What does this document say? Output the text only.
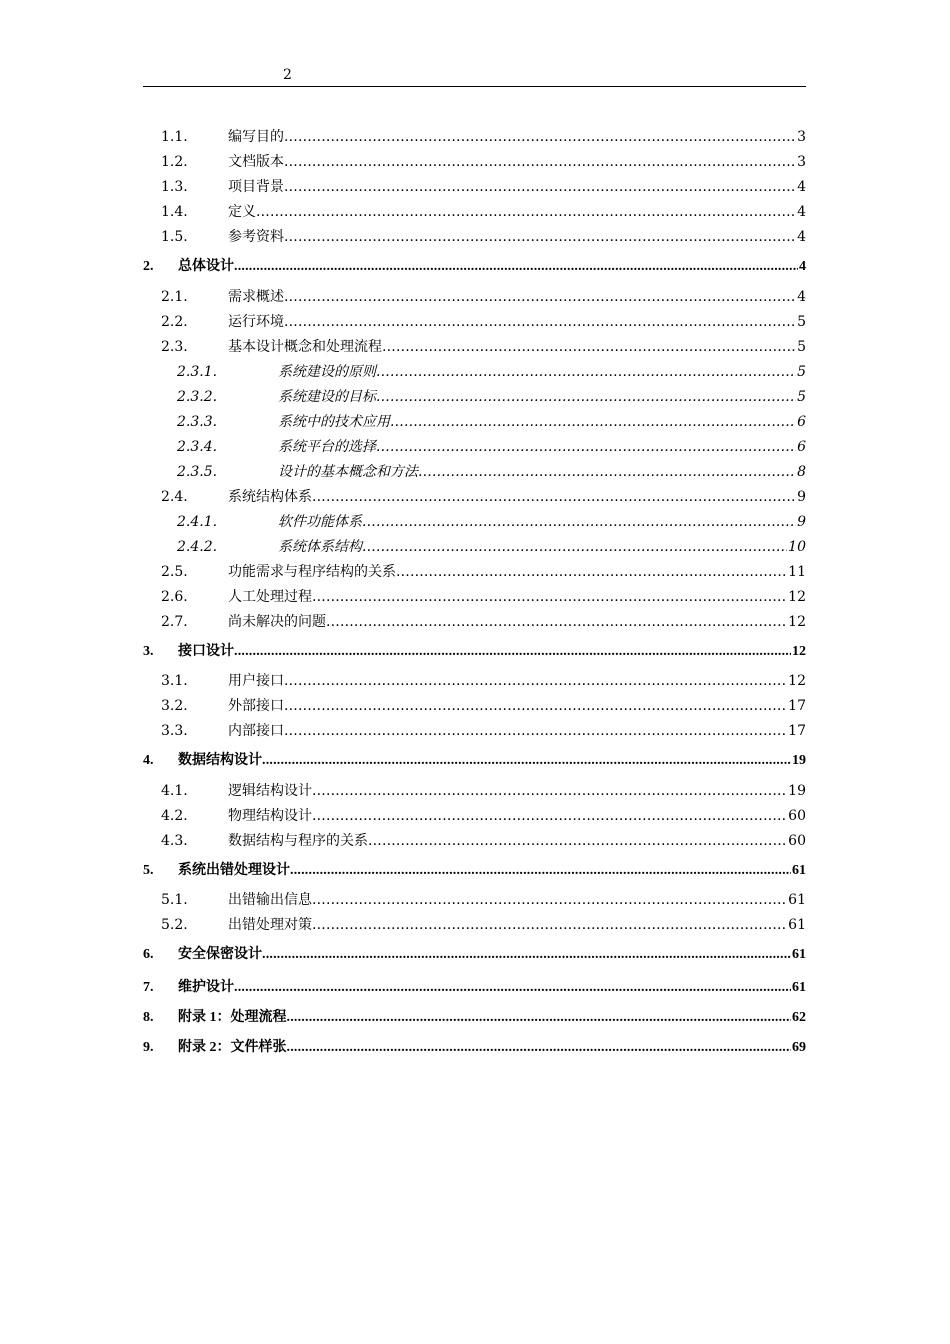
2
1.1.	编写目的 .....	3
1.2.	文档版本 .....	3
1.3.	项目背景 .....	4
1.4.	定义 .....	4
1.5.	参考资料 .....	4
2.	总体设计 .....	4
2.1.	需求概述 .....	4
2.2.	运行环境 .....	5
2.3.	基本设计概念和处理流程 .....	5
2.3.1.	系统建设的原则 .....	5
2.3.2.	系统建设的目标 .....	5
2.3.3.	系统中的技术应用 .....	6
2.3.4.	系统平台的选择 .....	6
2.3.5.	设计的基本概念和方法 .....	8
2.4.	系统结构体系 .....	9
2.4.1.	软件功能体系 .....	9
2.4.2.	系统体系结构 .....	10
2.5.	功能需求与程序结构的关系 .....	11
2.6.	人工处理过程 .....	12
2.7.	尚未解决的问题 .....	12
3.	接口设计 .....	12
3.1.	用户接口 .....	12
3.2.	外部接口 .....	17
3.3.	内部接口 .....	17
4.	数据结构设计 .....	19
4.1.	逻辑结构设计 .....	19
4.2.	物理结构设计 .....	60
4.3.	数据结构与程序的关系 .....	60
5.	系统出错处理设计 .....	61
5.1.	出错输出信息 .....	61
5.2.	出错处理对策 .....	61
6.	安全保密设计 .....	61
7.	维护设计 .....	61
8.	附录 1：处理流程 .....	62
9.	附录 2：文件样张 .....	69
